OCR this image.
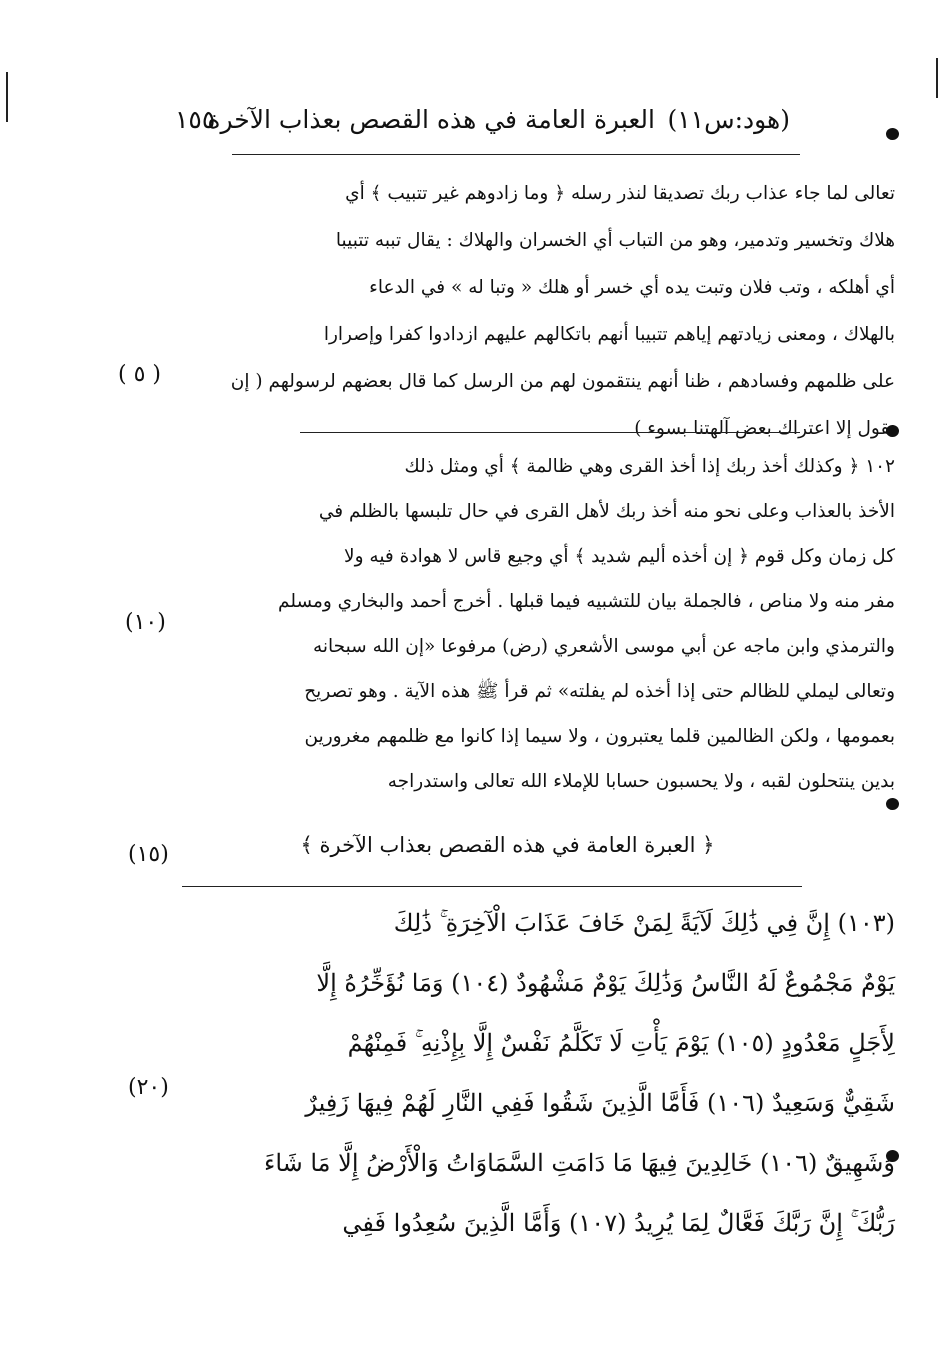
(هود:س١١)
العبرة العامة في هذه القصص بعذاب الآخرة
١٥٥

تعالى لما جاء عذاب ربك تصديقا لنذر رسله ﴿ وما زادوهم غير تتبيب ﴾ أي

هلاك وتخسير وتدمير، وهو من التباب أي الخسران والهلاك : يقال تببه تتبيبا

أي أهلكه ، وتب فلان وتبت يده أي خسر أو هلك « وتبا له » في الدعاء

بالهلاك ، ومعنى زيادتهم إياهم تتبيبا أنهم باتكالهم عليهم ازدادوا كفرا وإصرارا

على ظلمهم وفسادهم ، ظنا أنهم ينتقمون لهم من الرسل كما قال بعضهم لرسولهم ( إن

نقول إلا اعتراك بعض آلهتنا بسوء )

١٠٢ ﴿ وكذلك أخذ ربك إذا أخذ القرى وهي ظالمة ﴾ أي ومثل ذلك

الأخذ بالعذاب وعلى نحو منه أخذ ربك لأهل القرى في حال تلبسها بالظلم في

كل زمان وكل قوم ﴿ إن أخذه أليم شديد ﴾ أي وجيع قاس لا هوادة فيه ولا

مفر منه ولا مناص ، فالجملة بيان للتشبيه فيما قبلها . أخرج أحمد والبخاري ومسلم

والترمذي وابن ماجه عن أبي موسى الأشعري (رض) مرفوعا «إن الله سبحانه

وتعالى ليملي للظالم حتى إذا أخذه لم يفلته» ثم قرأ ﷺ هذه الآية . وهو تصريح

بعمومها ، ولكن الظالمين قلما يعتبرون ، ولا سيما إذا كانوا مع ظلمهم مغرورين

بدين ينتحلون لقبه ، ولا يحسبون حسابا للإملاء الله تعالى واستدراجه

﴿ العبرة العامة في هذه القصص بعذاب الآخرة ﴾

(١٠٣) إِنَّ فِي ذَٰلِكَ لَآيَةً لِمَنْ خَافَ عَذَابَ الْآخِرَةِ ۚ ذَٰلِكَ

يَوْمٌ مَجْمُوعٌ لَهُ النَّاسُ وَذَٰلِكَ يَوْمٌ مَشْهُودٌ (١٠٤) وَمَا نُؤَخِّرُهُ إِلَّا

لِأَجَلٍ مَعْدُودٍ (١٠٥) يَوْمَ يَأْتِ لَا تَكَلَّمُ نَفْسٌ إِلَّا بِإِذْنِهِ ۚ فَمِنْهُمْ

شَقِيٌّ وَسَعِيدٌ (١٠٦) فَأَمَّا الَّذِينَ شَقُوا فَفِي النَّارِ لَهُمْ فِيهَا زَفِيرٌ

وَشَهِيقٌ (١٠٦) خَالِدِينَ فِيهَا مَا دَامَتِ السَّمَاوَاتُ وَالْأَرْضُ إِلَّا مَا شَاءَ

رَبُّكَ ۚ إِنَّ رَبَّكَ فَعَّالٌ لِمَا يُرِيدُ (١٠٧) وَأَمَّا الَّذِينَ سُعِدُوا فَفِي

( ٥ )
(١٠)
(١٥)
(٢٠)
